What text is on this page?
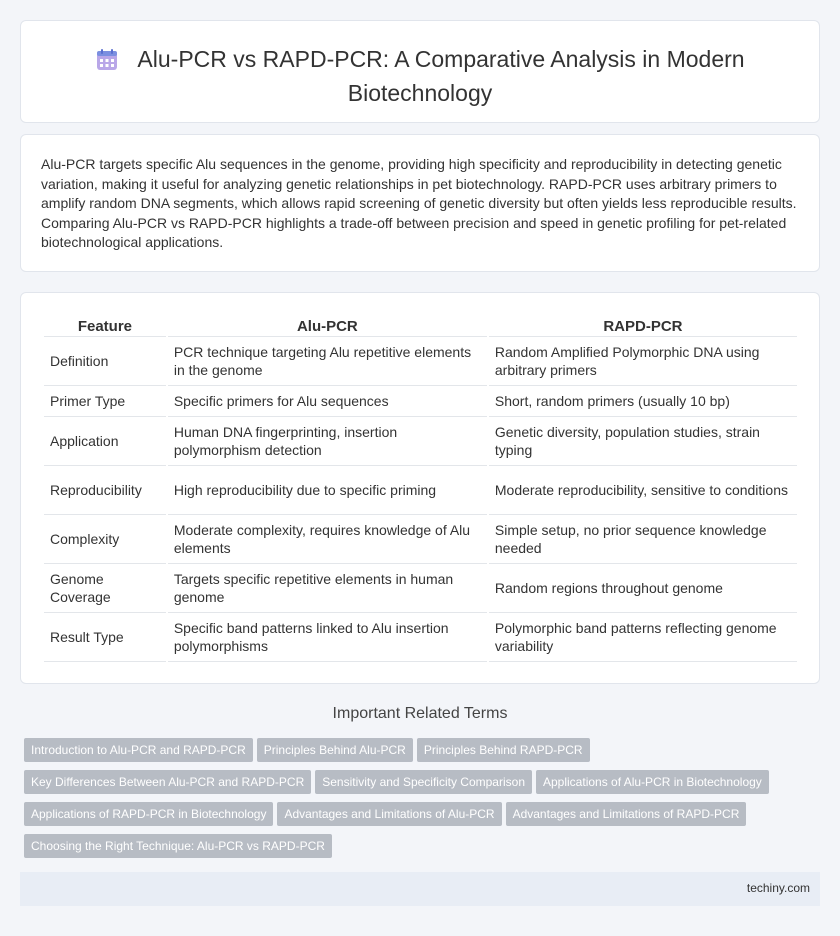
Alu-PCR vs RAPD-PCR: A Comparative Analysis in Modern
Biotechnology

Alu-PCR targets specific Alu sequences in the genome, providing high specificity and reproducibility in detecting genetic variation, making it useful for analyzing genetic relationships in pet biotechnology. RAPD-PCR uses arbitrary primers to amplify random DNA segments, which allows rapid screening of genetic diversity but often yields less reproducible results. Comparing Alu-PCR vs RAPD-PCR highlights a trade-off between precision and speed in genetic profiling for pet-related biotechnological applications.

Feature	Alu-PCR	RAPD-PCR
Definition	PCR technique targeting Alu repetitive elements in the genome	Random Amplified Polymorphic DNA using arbitrary primers
Primer Type	Specific primers for Alu sequences	Short, random primers (usually 10 bp)
Application	Human DNA fingerprinting, insertion polymorphism detection	Genetic diversity, population studies, strain typing
Reproducibility	High reproducibility due to specific priming	Moderate reproducibility, sensitive to conditions
Complexity	Moderate complexity, requires knowledge of Alu elements	Simple setup, no prior sequence knowledge needed
Genome Coverage	Targets specific repetitive elements in human genome	Random regions throughout genome
Result Type	Specific band patterns linked to Alu insertion polymorphisms	Polymorphic band patterns reflecting genome variability
Important Related Terms
Introduction to Alu-PCR and RAPD-PCR Principles Behind Alu-PCR Principles Behind RAPD-PCR
Key Differences Between Alu-PCR and RAPD-PCR Sensitivity and Specificity Comparison Applications of Alu-PCR in Biotechnology
Applications of RAPD-PCR in Biotechnology Advantages and Limitations of Alu-PCR Advantages and Limitations of RAPD-PCR
Choosing the Right Technique: Alu-PCR vs RAPD-PCR
techiny.com
